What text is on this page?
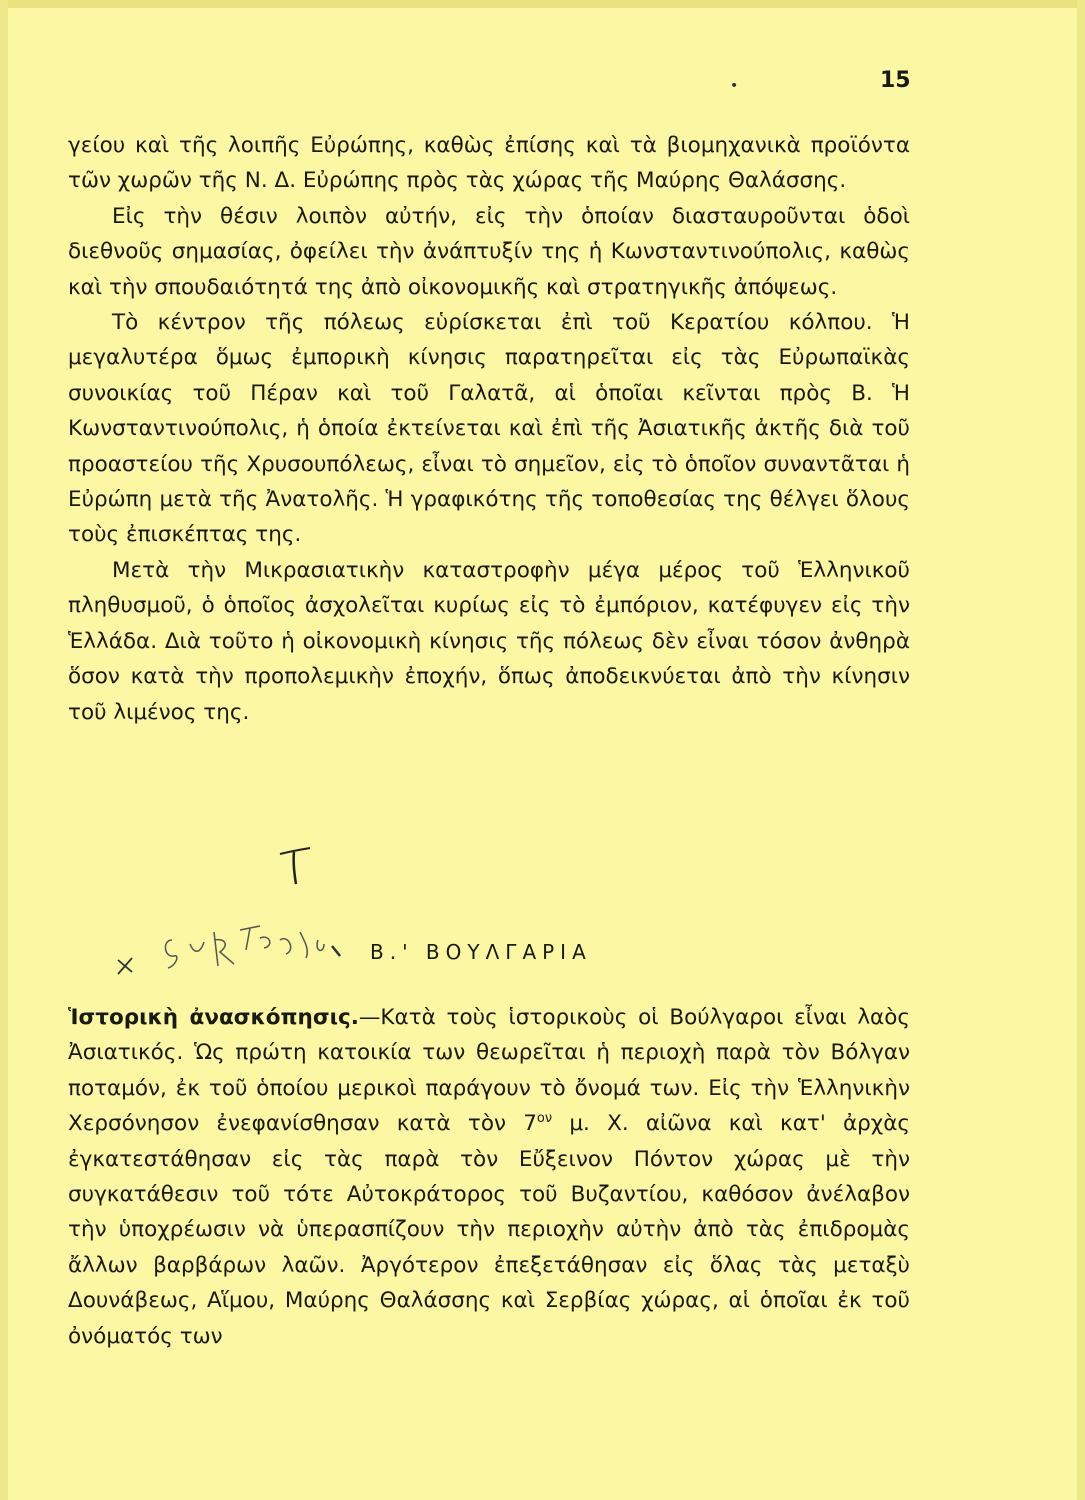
•	15

γείου καὶ τῆς λοιπῆς Εὐρώπης, καθὼς ἐπίσης καὶ τὰ βιομηχανικὰ προϊόντα τῶν χωρῶν τῆς Ν. Δ. Εὐρώπης πρὸς τὰς χώρας τῆς Μαύρης Θαλάσσης.

Εἰς τὴν θέσιν λοιπὸν αὐτήν, εἰς τὴν ὁποίαν διασταυροῦνται ὁδοὶ διεθνοῦς σημασίας, ὀφείλει τὴν ἀνάπτυξίν της ἡ Κωνσταντινούπολις, καθὼς καὶ τὴν σπουδαιότητά της ἀπὸ οἰκονομικῆς καὶ στρατηγικῆς ἀπόψεως.

Τὸ κέντρον τῆς πόλεως εὑρίσκεται ἐπὶ τοῦ Κερατίου κόλπου. Ἡ μεγαλυτέρα ὅμως ἐμπορικὴ κίνησις παρατηρεῖται εἰς τὰς Εὐρωπαϊκὰς συνοικίας τοῦ Πέραν καὶ τοῦ Γαλατᾶ, αἱ ὁποῖαι κεῖνται πρὸς Β. Ἡ Κωνσταντινούπολις, ἡ ὁποία ἐκτείνεται καὶ ἐπὶ τῆς Ἀσιατικῆς ἀκτῆς διὰ τοῦ προαστείου τῆς Χρυσουπόλεως, εἶναι τὸ σημεῖον, εἰς τὸ ὁποῖον συναντᾶται ἡ Εὐρώπη μετὰ τῆς Ἀνατολῆς. Ἡ γραφικότης τῆς τοποθεσίας της θέλγει ὅλους τοὺς ἐπισκέπτας της.

Μετὰ τὴν Μικρασιατικὴν καταστροφὴν μέγα μέρος τοῦ Ἑλληνικοῦ πληθυσμοῦ, ὁ ὁποῖος ἀσχολεῖται κυρίως εἰς τὸ ἐμπόριον, κατέφυγεν εἰς τὴν Ἑλλάδα. Διὰ τοῦτο ἡ οἰκονομικὴ κίνησις τῆς πόλεως δὲν εἶναι τόσον ἀνθηρὰ ὅσον κατὰ τὴν προπολεμικὴν ἐποχήν, ὅπως ἀποδεικνύεται ἀπὸ τὴν κίνησιν τοῦ λιμένος της.

Β.' ΒΟΥΛΓΑΡΙΑ

Ἱστορικὴ ἀνασκόπησις.—Κατὰ τοὺς ἱστορικοὺς οἱ Βούλγαροι εἶναι λαὸς Ἀσιατικός. Ὡς πρώτη κατοικία των θεωρεῖται ἡ περιοχὴ παρὰ τὸν Βόλγαν ποταμόν, ἐκ τοῦ ὁποίου μερικοὶ παράγουν τὸ ὄνομά των. Εἰς τὴν Ἑλληνικὴν Χερσόνησον ἐνεφανίσθησαν κατὰ τὸν $7^{o\nu}$ μ. Χ. αἰῶνα καὶ κατ' ἀρχὰς ἐγκατεστάθησαν εἰς τὰς παρὰ τὸν Εὔξεινον Πόντον χώρας μὲ τὴν συγκατάθεσιν τοῦ τότε Αὐτοκράτορος τοῦ Βυζαντίου, καθόσον ἀνέλαβον τὴν ὑποχρέωσιν νὰ ὑπερασπίζουν τὴν περιοχὴν αὐτὴν ἀπὸ τὰς ἐπιδρομὰς ἄλλων βαρβάρων λαῶν. Ἀργότερον ἐπεξετάθησαν εἰς ὅλας τὰς μεταξὺ Δουνάβεως, Αἵμου, Μαύρης Θαλάσσης καὶ Σερβίας χώρας, αἱ ὁποῖαι ἐκ τοῦ ὀνόματός των
